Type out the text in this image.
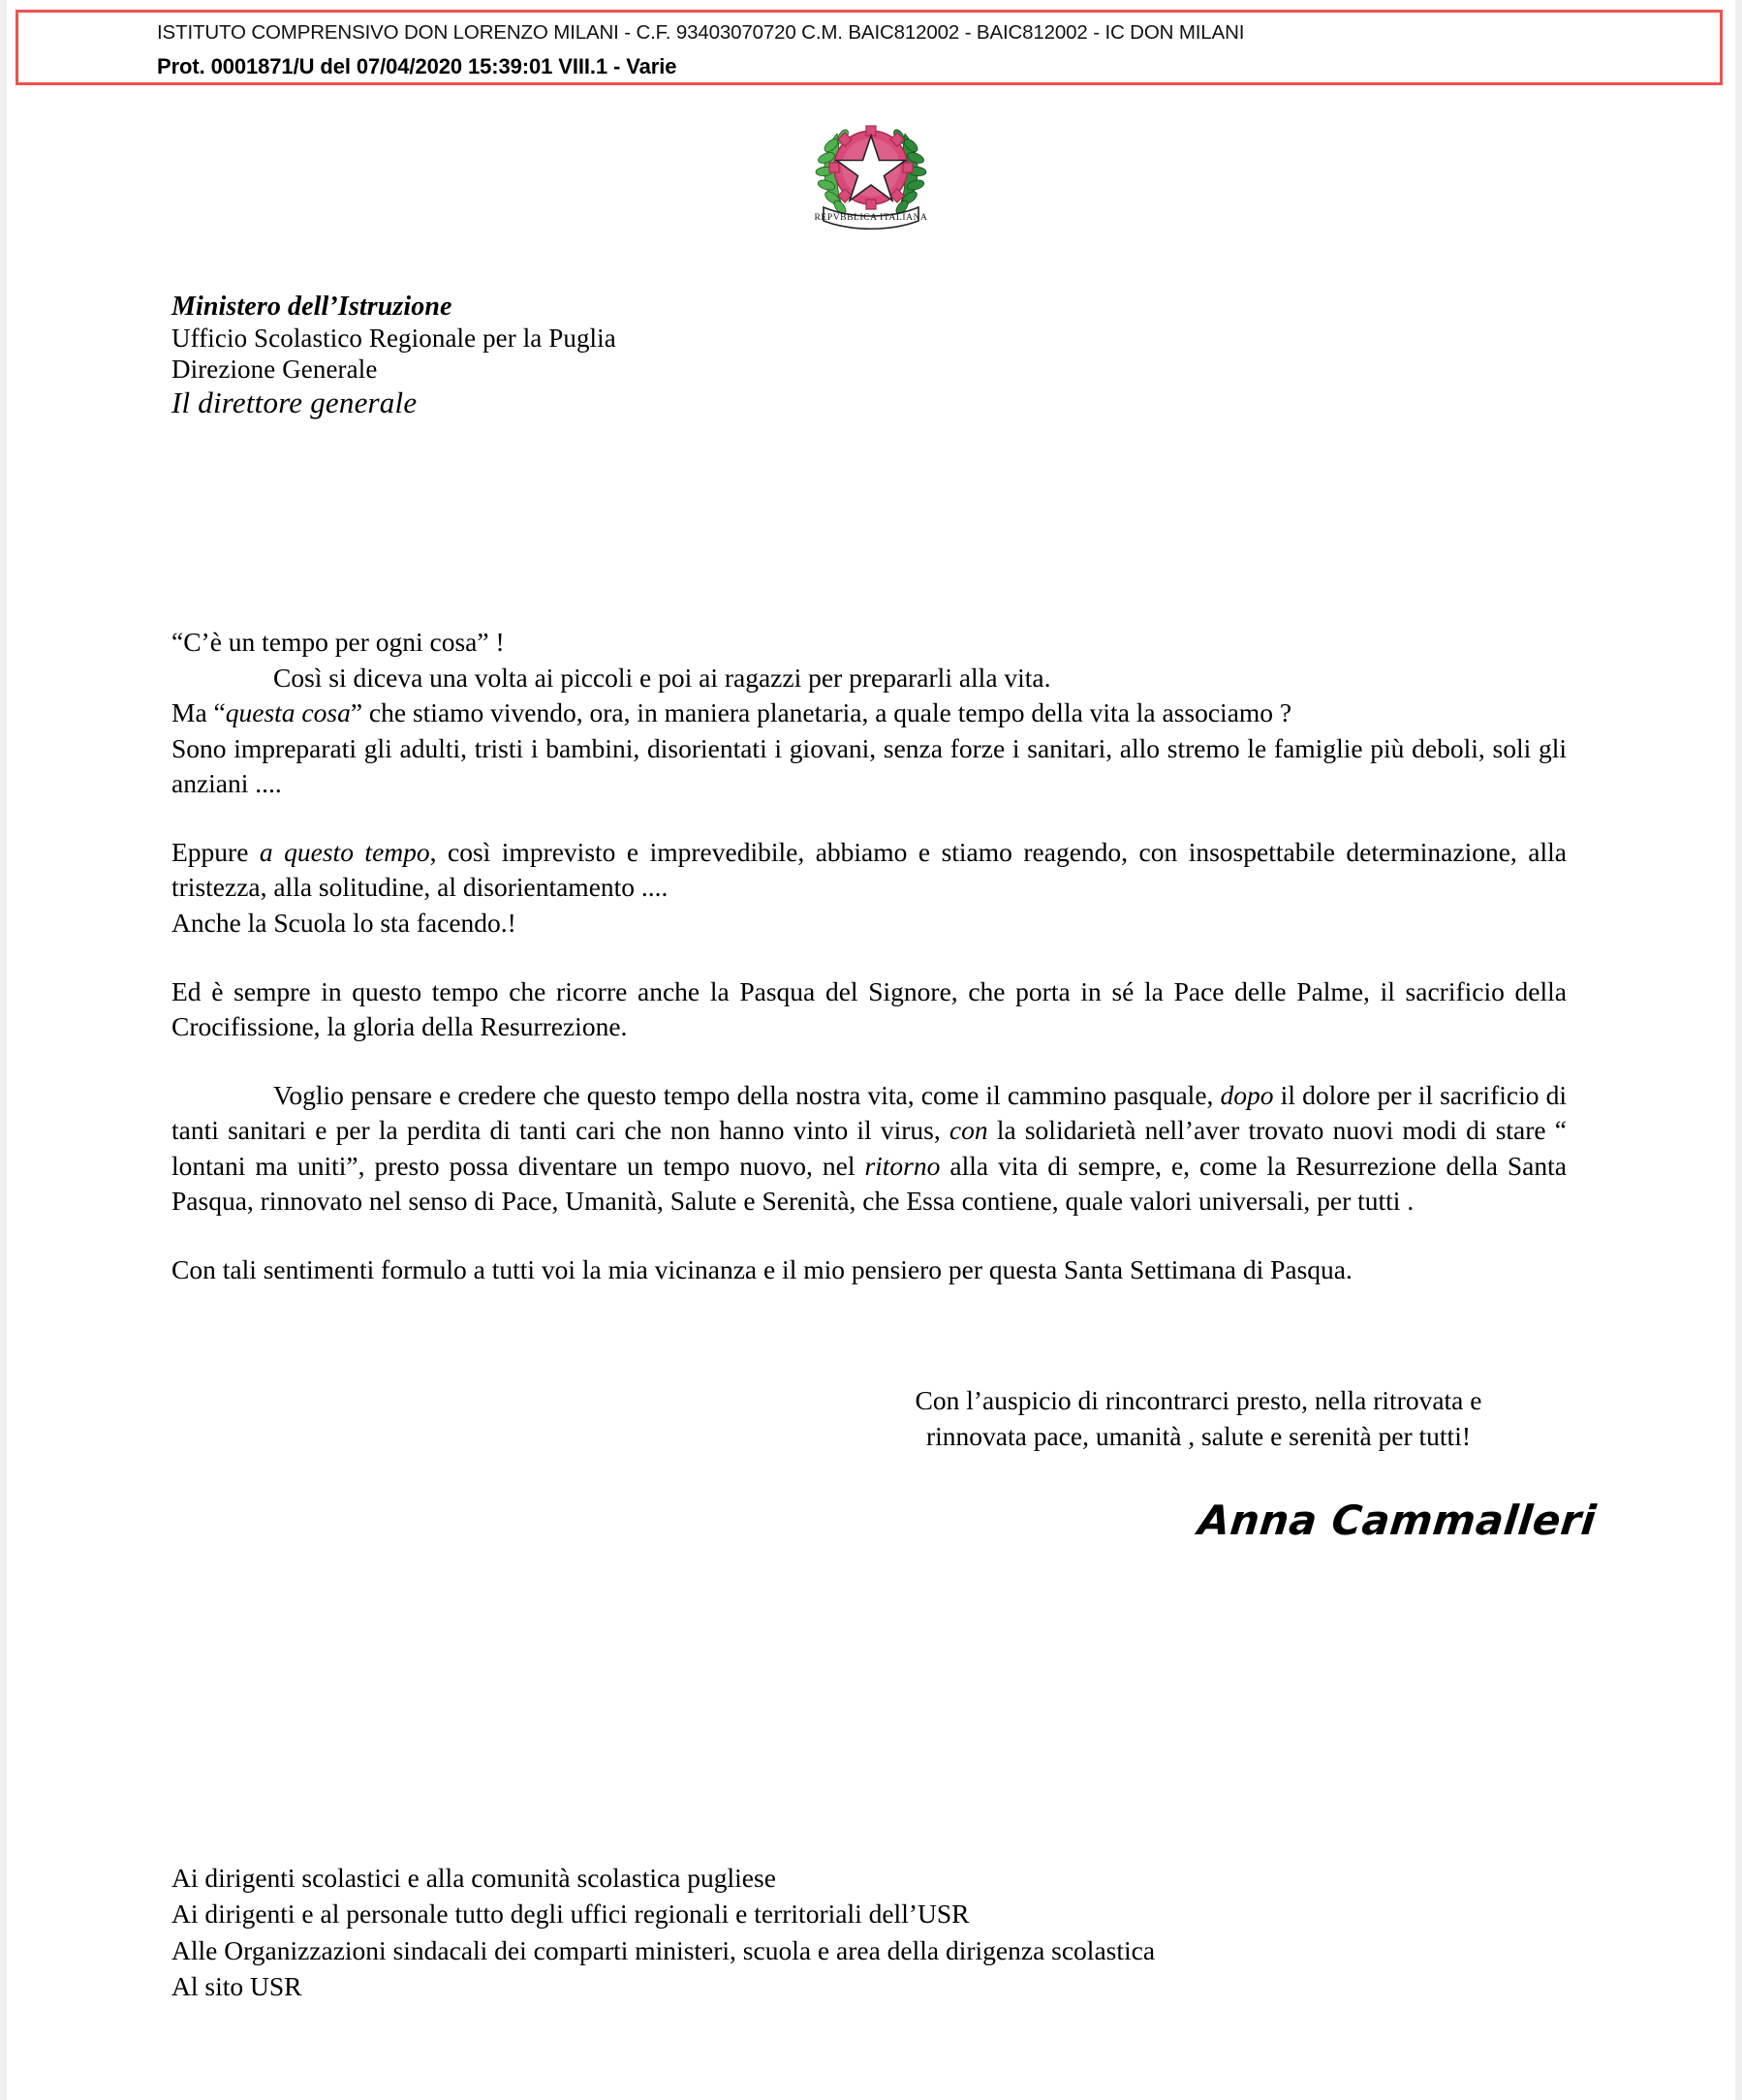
ISTITUTO COMPRENSIVO DON LORENZO MILANI - C.F. 93403070720 C.M. BAIC812002 - BAIC812002 - IC DON MILANI
Prot. 0001871/U del 07/04/2020 15:39:01 VIII.1 - Varie
REPVBBLICA ITALIANA
Ministero dell’Istruzione
Ufficio Scolastico Regionale per la Puglia
Direzione Generale
Il direttore generale

“C’è un tempo per ogni cosa” !

Così si diceva una volta ai piccoli e poi ai ragazzi per prepararli alla vita.

Ma “questa cosa” che stiamo vivendo, ora, in maniera planetaria, a quale tempo della vita la associamo ?

Sono impreparati gli adulti, tristi i bambini, disorientati i giovani, senza forze i sanitari, allo stremo le famiglie più deboli, soli gli anziani ....

Eppure a questo tempo, così imprevisto e imprevedibile, abbiamo e stiamo reagendo, con insospettabile determinazione, alla tristezza, alla solitudine, al disorientamento ....

Anche la Scuola lo sta facendo.!

Ed è sempre in questo tempo che ricorre anche la Pasqua del Signore, che porta in sé la Pace delle Palme, il sacrificio della Crocifissione, la gloria della Resurrezione.

Voglio pensare e credere che questo tempo della nostra vita, come il cammino pasquale, dopo il dolore per il sacrificio di tanti sanitari e per la perdita di tanti cari che non hanno vinto il virus, con la solidarietà nell’aver trovato nuovi modi di stare “ lontani ma uniti”, presto possa diventare un tempo nuovo, nel ritorno alla vita di sempre, e, come la Resurrezione della Santa Pasqua, rinnovato nel senso di Pace, Umanità, Salute e Serenità, che Essa contiene, quale valori universali, per tutti .

Con tali sentimenti formulo a tutti voi la mia vicinanza e il mio pensiero per questa Santa Settimana di Pasqua.

Con l’auspicio di rincontrarci presto, nella ritrovata e
rinnovata pace, umanità , salute e serenità per tutti!
Anna Cammalleri
Ai dirigenti scolastici e alla comunità scolastica pugliese
Ai dirigenti e al personale tutto degli uffici regionali e territoriali dell’USR
Alle Organizzazioni sindacali dei comparti ministeri, scuola e area della dirigenza scolastica
Al sito USR
